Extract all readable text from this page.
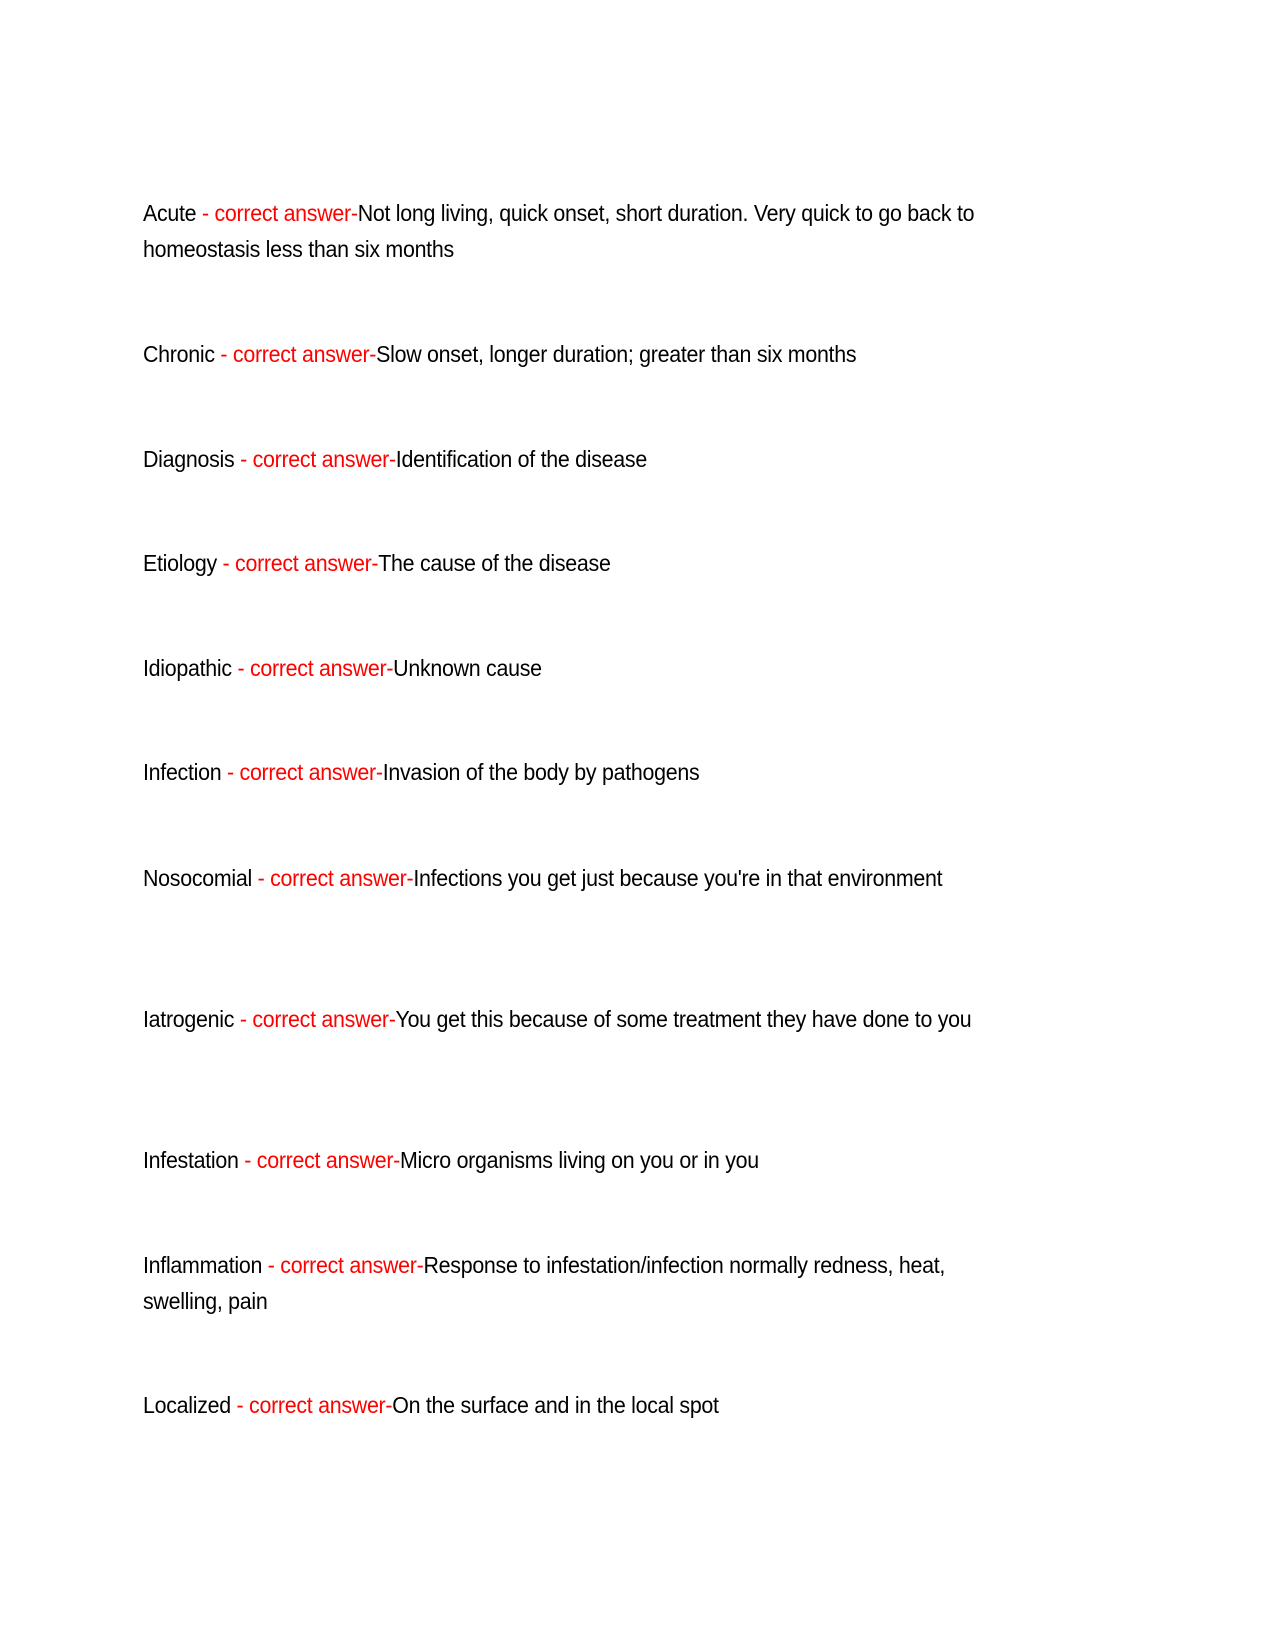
Acute - correct answer-Not long living, quick onset, short duration. Very quick to go back to homeostasis less than six months
Chronic - correct answer-Slow onset, longer duration; greater than six months
Diagnosis - correct answer-Identification of the disease
Etiology - correct answer-The cause of the disease
Idiopathic - correct answer-Unknown cause
Infection - correct answer-Invasion of the body by pathogens
Nosocomial - correct answer-Infections you get just because you're in that environment
Iatrogenic - correct answer-You get this because of some treatment they have done to you
Infestation - correct answer-Micro organisms living on you or in you
Inflammation - correct answer-Response to infestation/infection normally redness, heat, swelling, pain
Localized - correct answer-On the surface and in the local spot
